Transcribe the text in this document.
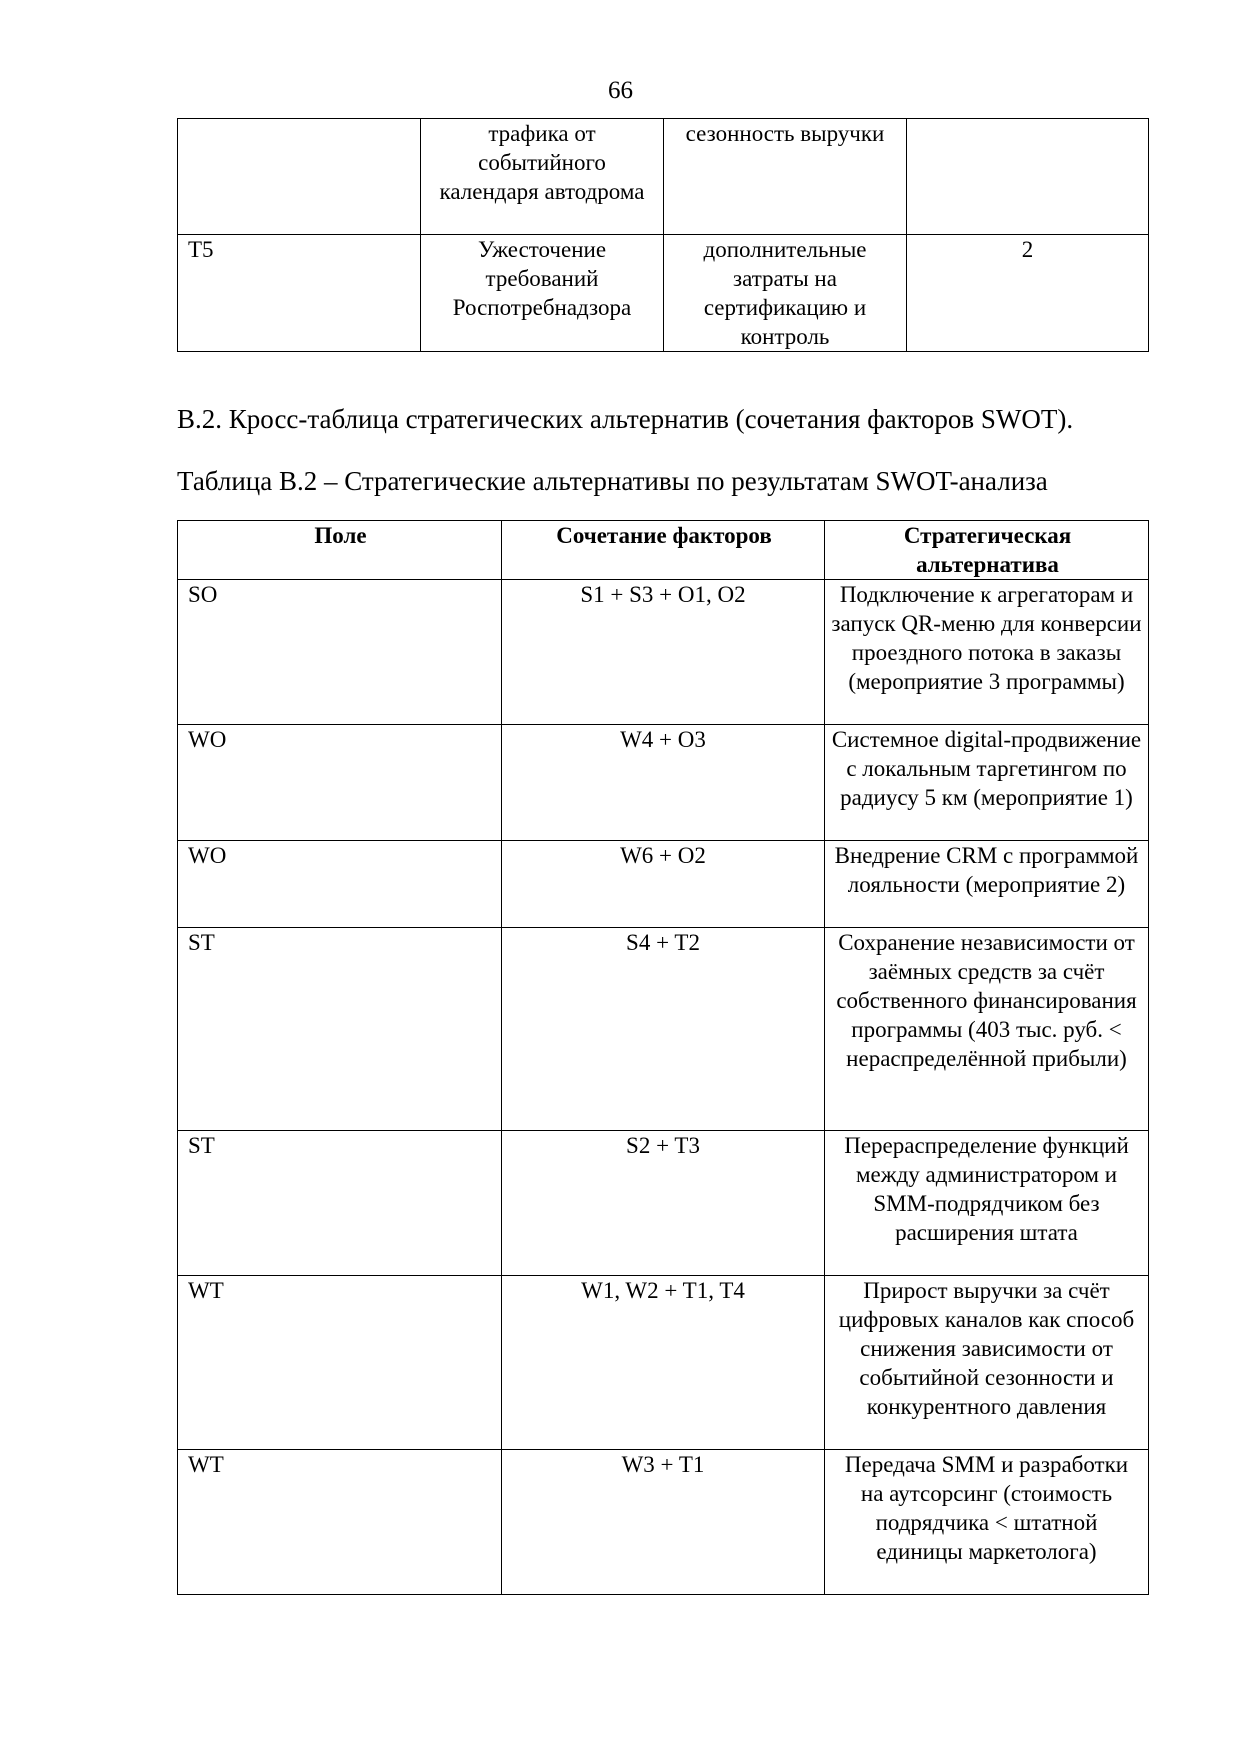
66
	трафика от событийного календаря автодрома	сезонность выручки	
Т5	Ужесточение требований Роспотребнадзора	дополнительные затраты на сертификацию и контроль	2
В.2. Кросс-таблица стратегических альтернатив (сочетания факторов SWOT).
Таблица В.2 – Стратегические альтернативы по результатам SWOT-анализа
Поле	Сочетание факторов	Стратегическая альтернатива
SO	S1 + S3 + O1, O2	Подключение к агрегаторам и запуск QR-меню для конверсии проездного потока в заказы (мероприятие 3 программы)
WO	W4 + O3	Системное digital-продвижение с локальным таргетингом по радиусу 5 км (мероприятие 1)
WO	W6 + O2	Внедрение CRM с программой лояльности (мероприятие 2)
ST	S4 + T2	Сохранение независимости от заёмных средств за счёт собственного финансирования программы (403 тыс. руб. < нераспределённой прибыли)
ST	S2 + T3	Перераспределение функций между администратором и SMM-подрядчиком без расширения штата
WT	W1, W2 + T1, T4	Прирост выручки за счёт цифровых каналов как способ снижения зависимости от событийной сезонности и конкурентного давления
WT	W3 + T1	Передача SMM и разработки на аутсорсинг (стоимость подрядчика < штатной единицы маркетолога)
